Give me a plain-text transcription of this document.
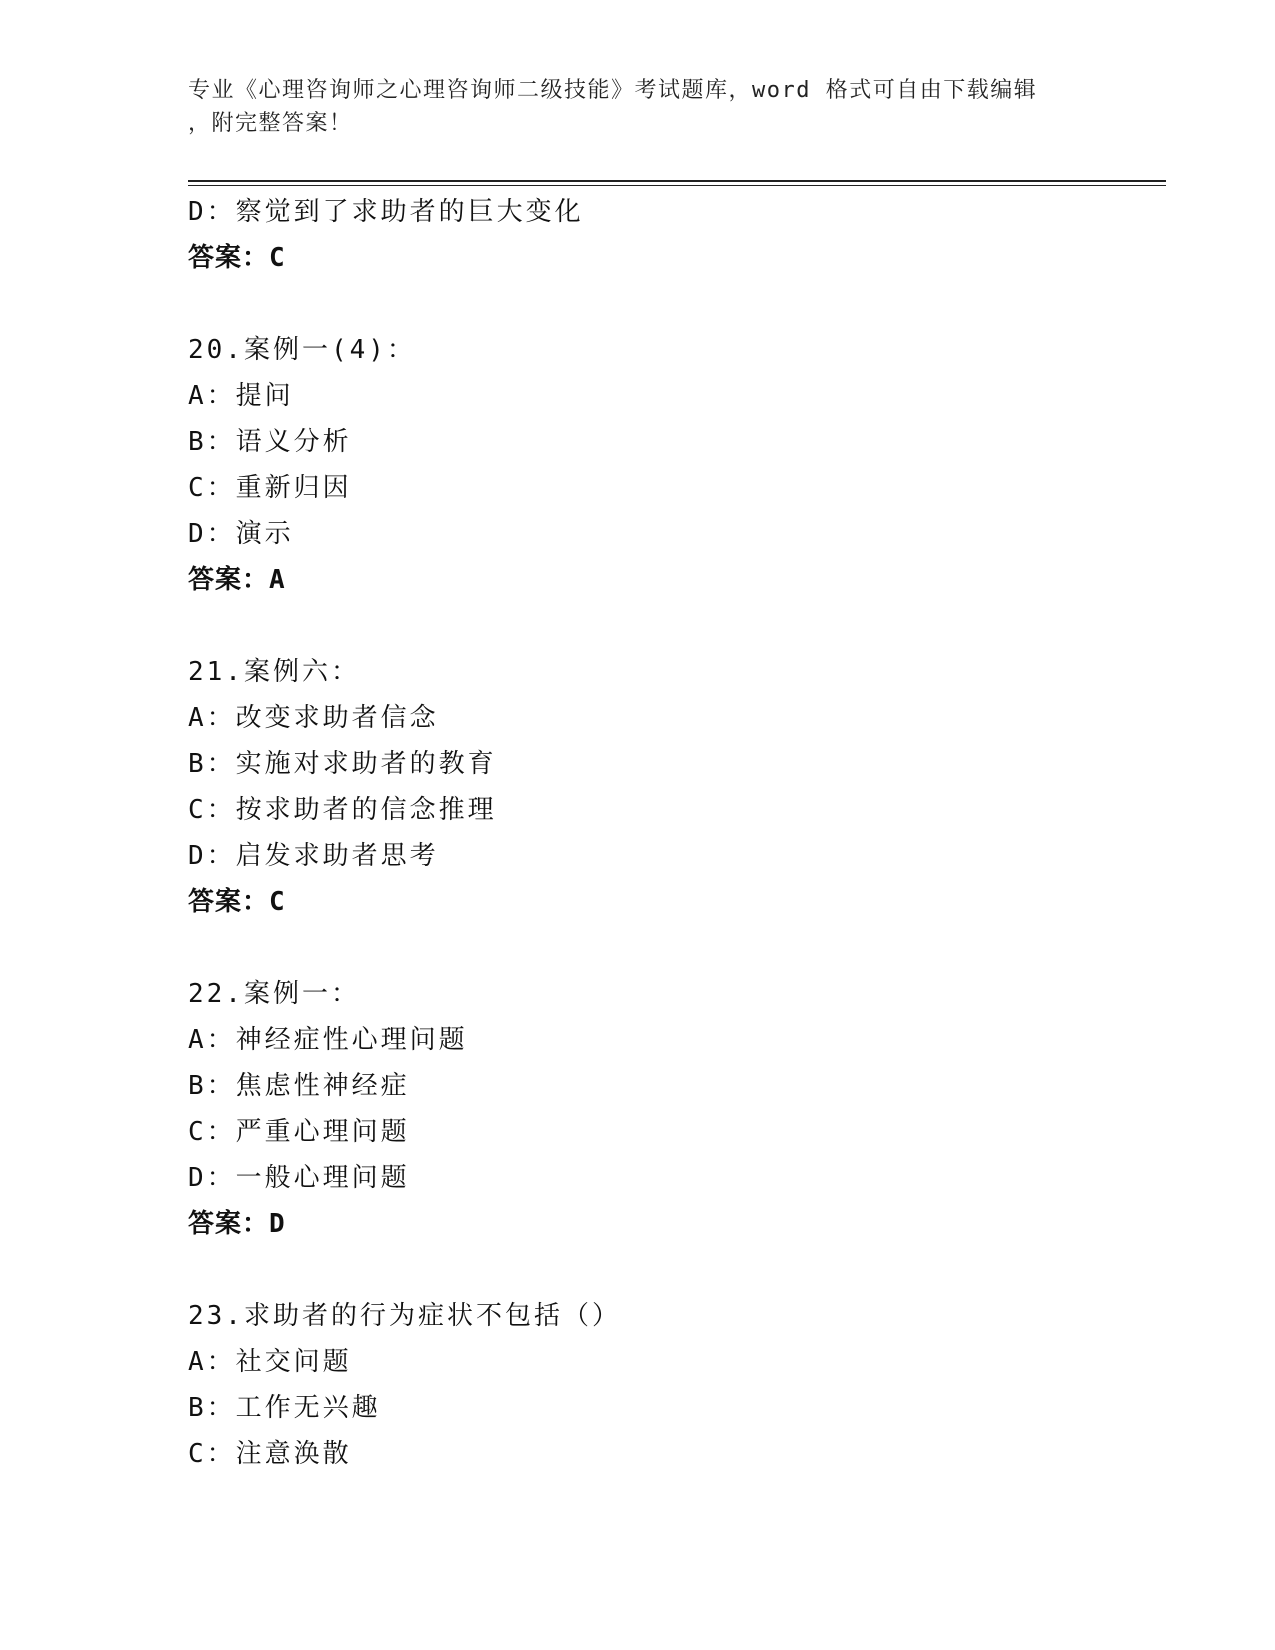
专业《心理咨询师之心理咨询师二级技能》考试题库，word 格式可自由下载编辑
，附完整答案！
D：察觉到了求助者的巨大变化
答案：C
20.案例一(4)：
A：提问
B：语义分析
C：重新归因
D：演示
答案：A
21.案例六：
A：改变求助者信念
B：实施对求助者的教育
C：按求助者的信念推理
D：启发求助者思考
答案：C
22.案例一：
A：神经症性心理问题
B：焦虑性神经症
C：严重心理问题
D：一般心理问题
答案：D
23.求助者的行为症状不包括（）
A：社交问题
B：工作无兴趣
C：注意涣散
